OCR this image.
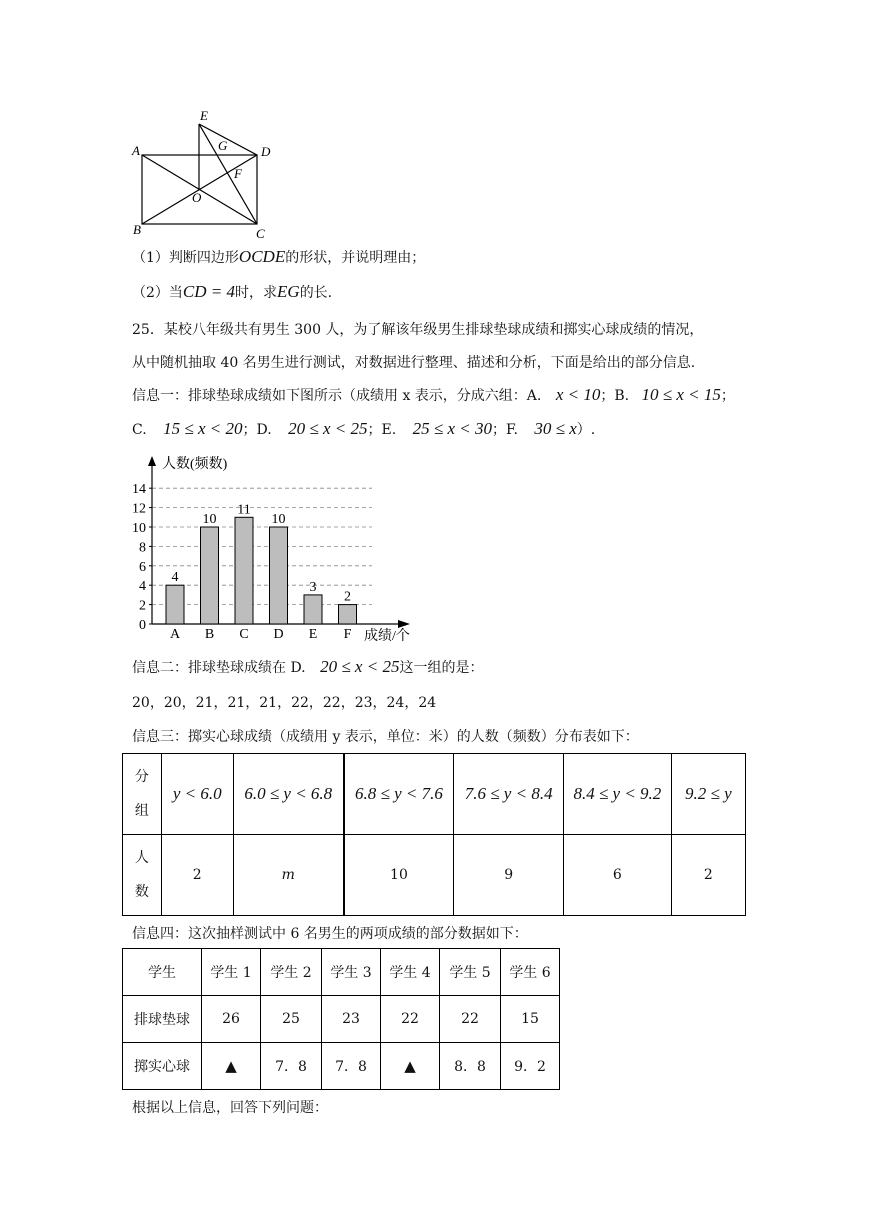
E
A	D
B	C
G
F
O
（1）判断四边形OCDE的形状，并说明理由；
（2）当CD = 4时，求EG的长.
25．某校八年级共有男生 300 人，为了解该年级男生排球垫球成绩和掷实心球成绩的情况，
从中随机抽取 40 名男生进行测试，对数据进行整理、描述和分析，下面是给出的部分信息.
信息一：排球垫球成绩如下图所示（成绩用 x 表示，分成六组：A. x < 10；B. 10 ≤ x < 15；
C. 15 ≤ x < 20；D. 20 ≤ x < 25；E. 25 ≤ x < 30；F. 30 ≤ x）.
0
2
4
6
8
10
12
14
人数(频数)
成绩/个
4
A
10
B
11
C
10
D
3
E
2
F
信息二：排球垫球成绩在 D. 20 ≤ x < 25这一组的是：
20，20，21，21，21，22，22，23，24，24
信息三：掷实心球成绩（成绩用 y 表示，单位：米）的人数（频数）分布表如下：
分
组	y < 6.0	6.0 ≤ y < 6.8	6.8 ≤ y < 7.6	7.6 ≤ y < 8.4	8.4 ≤ y < 9.2	9.2 ≤ y

人
数	2	m	10	9	6	2
信息四：这次抽样测试中 6 名男生的两项成绩的部分数据如下：
学生	学生 1	学生 2	学生 3	学生 4	学生 5	学生 6
排球垫球	26	25	23	22	22	15
掷实心球	▲	7．8	7．8	▲	8．8	9．2
根据以上信息，回答下列问题：
